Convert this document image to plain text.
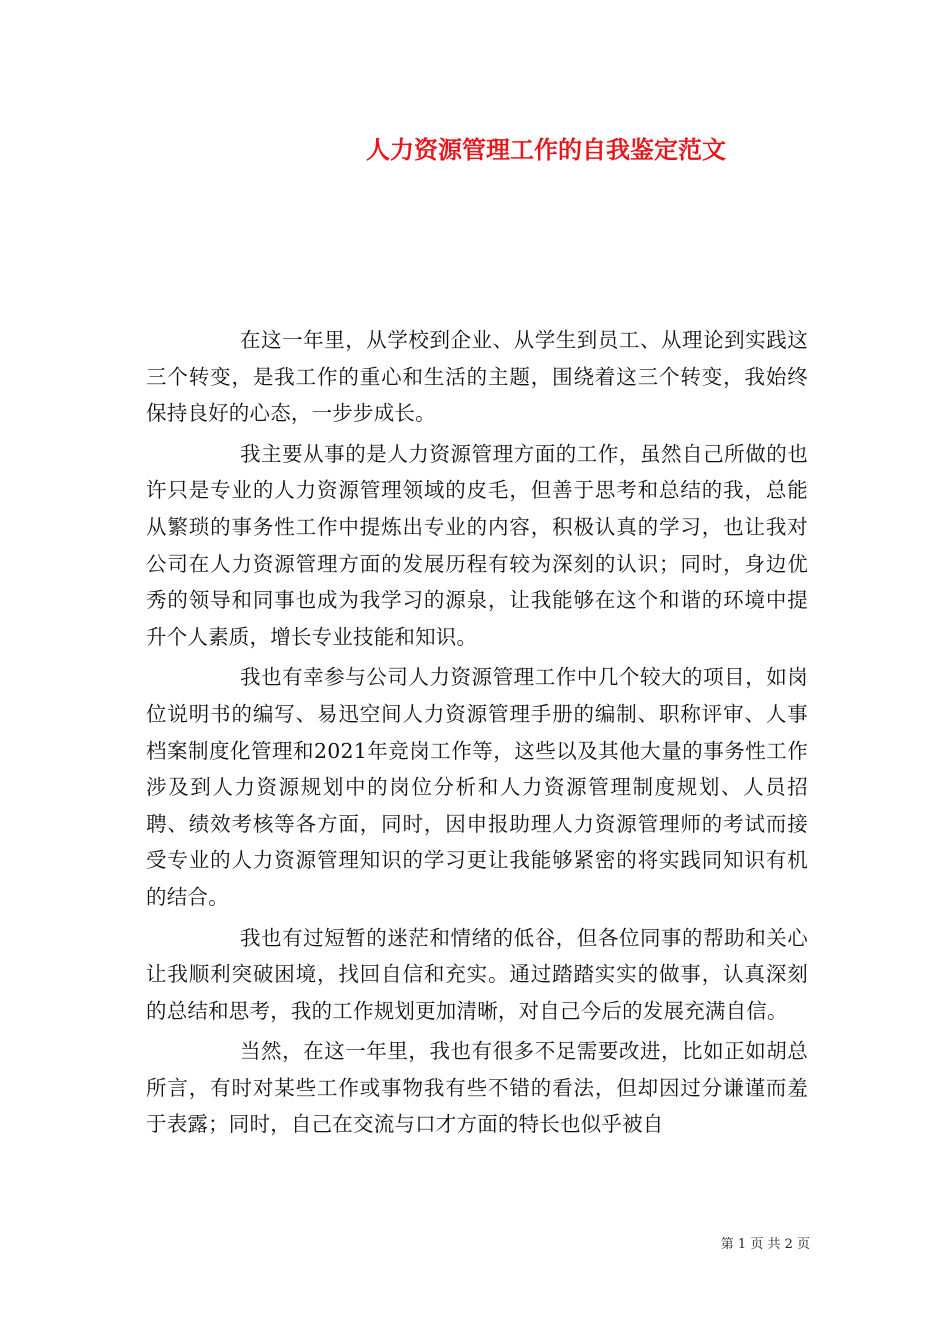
人力资源管理工作的自我鉴定范文

在这一年里，从学校到企业、从学生到员工、从理论到实践这三个转变，是我工作的重心和生活的主题，围绕着这三个转变，我始终保持良好的心态，一步步成长。

我主要从事的是人力资源管理方面的工作，虽然自己所做的也许只是专业的人力资源管理领域的皮毛，但善于思考和总结的我，总能从繁琐的事务性工作中提炼出专业的内容，积极认真的学习，也让我对公司在人力资源管理方面的发展历程有较为深刻的认识；同时，身边优秀的领导和同事也成为我学习的源泉，让我能够在这个和谐的环境中提升个人素质，增长专业技能和知识。

我也有幸参与公司人力资源管理工作中几个较大的项目，如岗位说明书的编写、易迅空间人力资源管理手册的编制、职称评审、人事档案制度化管理和2021年竞岗工作等，这些以及其他大量的事务性工作涉及到人力资源规划中的岗位分析和人力资源管理制度规划、人员招聘、绩效考核等各方面，同时，因申报助理人力资源管理师的考试而接受专业的人力资源管理知识的学习更让我能够紧密的将实践同知识有机的结合。

我也有过短暂的迷茫和情绪的低谷，但各位同事的帮助和关心让我顺利突破困境，找回自信和充实。通过踏踏实实的做事，认真深刻的总结和思考，我的工作规划更加清晰，对自己今后的发展充满自信。

当然，在这一年里，我也有很多不足需要改进，比如正如胡总所言，有时对某些工作或事物我有些不错的看法，但却因过分谦谨而羞于表露；同时，自己在交流与口才方面的特长也似乎被自

第 1 页 共 2 页
